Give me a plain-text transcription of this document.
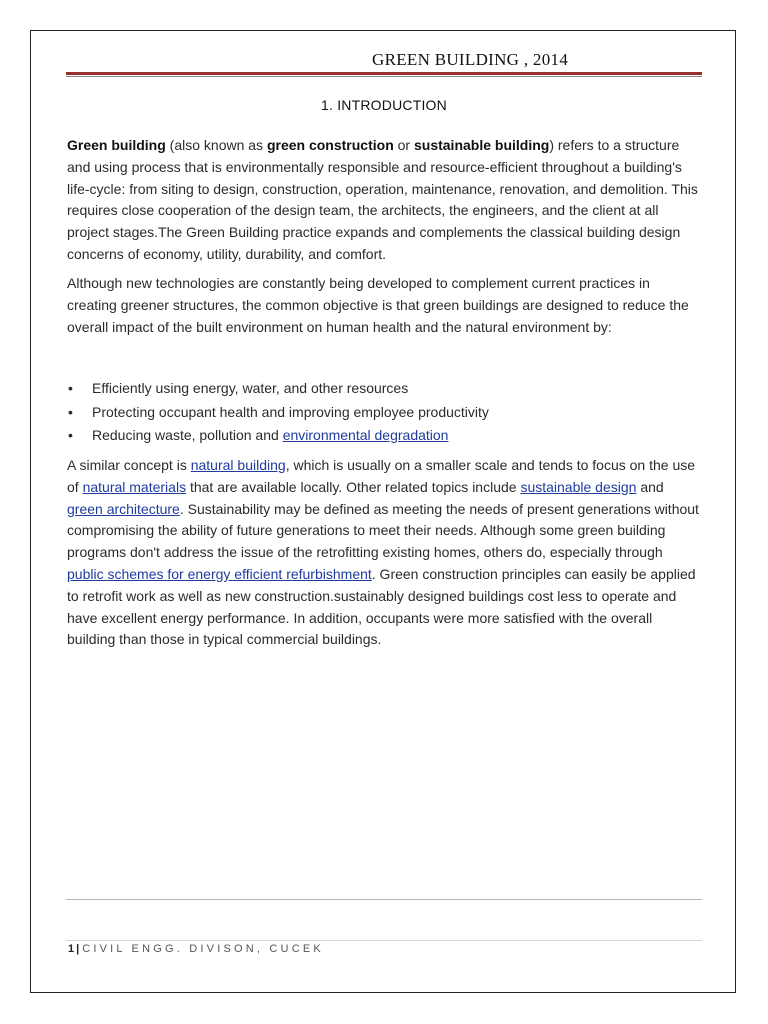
GREEN BUILDING , 2014
1. INTRODUCTION

Green building (also known as green construction or sustainable building) refers to a structure and using process that is environmentally responsible and resource-efficient throughout a building's life-cycle: from siting to design, construction, operation, maintenance, renovation, and demolition. This requires close cooperation of the design team, the architects, the engineers, and the client at all project stages.The Green Building practice expands and complements the classical building design concerns of economy, utility, durability, and comfort.

Although new technologies are constantly being developed to complement current practices in creating greener structures, the common objective is that green buildings are designed to reduce the overall impact of the built environment on human health and the natural environment by:

• Efficiently using energy, water, and other resources
• Protecting occupant health and improving employee productivity
• Reducing waste, pollution and environmental degradation

A similar concept is natural building, which is usually on a smaller scale and tends to focus on the use of natural materials that are available locally. Other related topics include sustainable design and green architecture. Sustainability may be defined as meeting the needs of present generations without compromising the ability of future generations to meet their needs. Although some green building programs don't address the issue of the retrofitting existing homes, others do, especially through public schemes for energy efficient refurbishment. Green construction principles can easily be applied to retrofit work as well as new construction.sustainably designed buildings cost less to operate and have excellent energy performance. In addition, occupants were more satisfied with the overall building than those in typical commercial buildings.

1 | CIVIL ENGG. DIVISON, CUCEK
